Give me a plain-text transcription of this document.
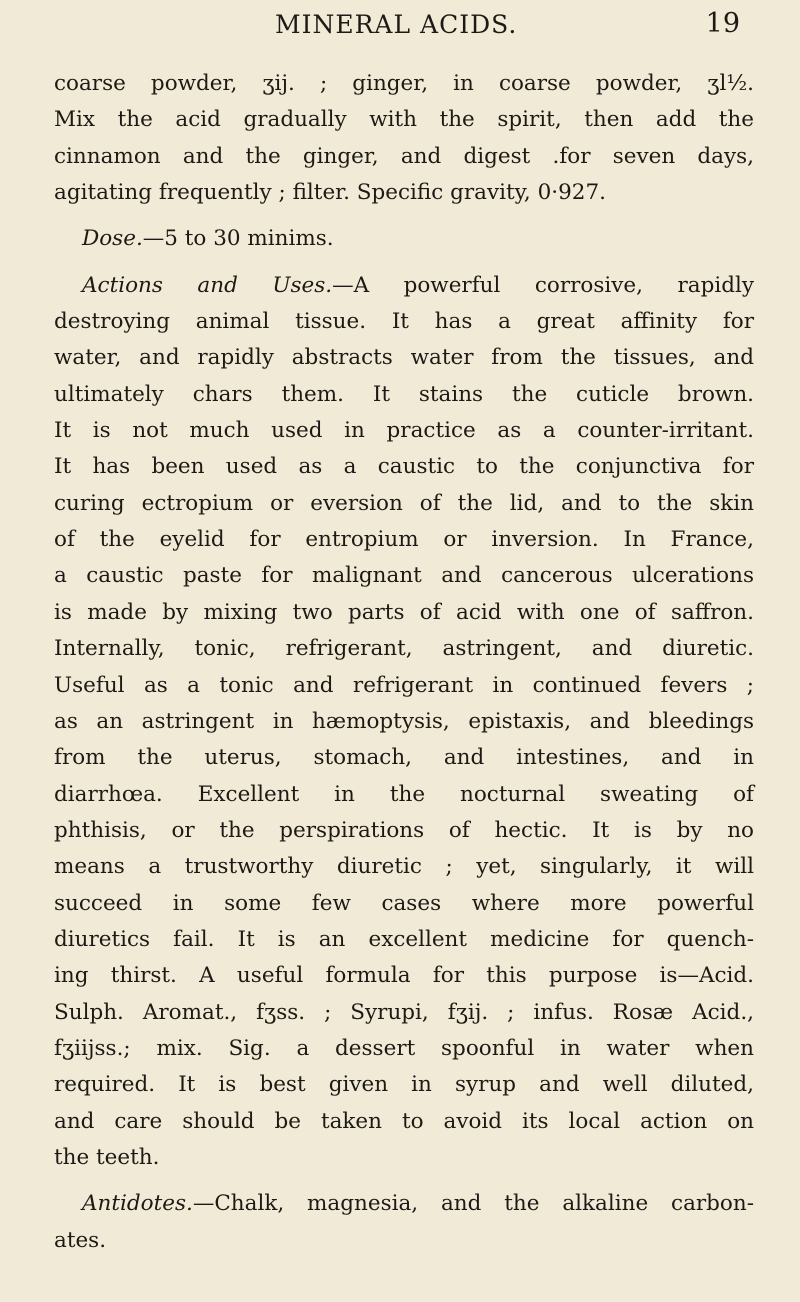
MINERAL ACIDS.	19
coarse powder, ʒij. ; ginger, in coarse powder, ʒl½.
Mix the acid gradually with the spirit, then add the
cinnamon and the ginger, and digest .for seven days,
agitating frequently ; filter. Specific gravity, 0·927.
Dose.—5 to 30 minims.
Actions and Uses.—A powerful corrosive, rapidly
destroying animal tissue. It has a great affinity for
water, and rapidly abstracts water from the tissues, and
ultimately chars them. It stains the cuticle brown.
It is not much used in practice as a counter-irritant.
It has been used as a caustic to the conjunctiva for
curing ectropium or eversion of the lid, and to the skin
of the eyelid for entropium or inversion. In France,
a caustic paste for malignant and cancerous ulcerations
is made by mixing two parts of acid with one of saffron.
Internally, tonic, refrigerant, astringent, and diuretic.
Useful as a tonic and refrigerant in continued fevers ;
as an astringent in hæmoptysis, epistaxis, and bleedings
from the uterus, stomach, and intestines, and in
diarrhœa. Excellent in the nocturnal sweating of
phthisis, or the perspirations of hectic. It is by no
means a trustworthy diuretic ; yet, singularly, it will
succeed in some few cases where more powerful
diuretics fail. It is an excellent medicine for quench-
ing thirst. A useful formula for this purpose is—Acid.
Sulph. Aromat., fʒss. ; Syrupi, fʒij. ; infus. Rosæ Acid.,
fʒiijss.; mix. Sig. a dessert spoonful in water when
required. It is best given in syrup and well diluted,
and care should be taken to avoid its local action on
the teeth.
Antidotes.—Chalk, magnesia, and the alkaline carbon-
ates.
